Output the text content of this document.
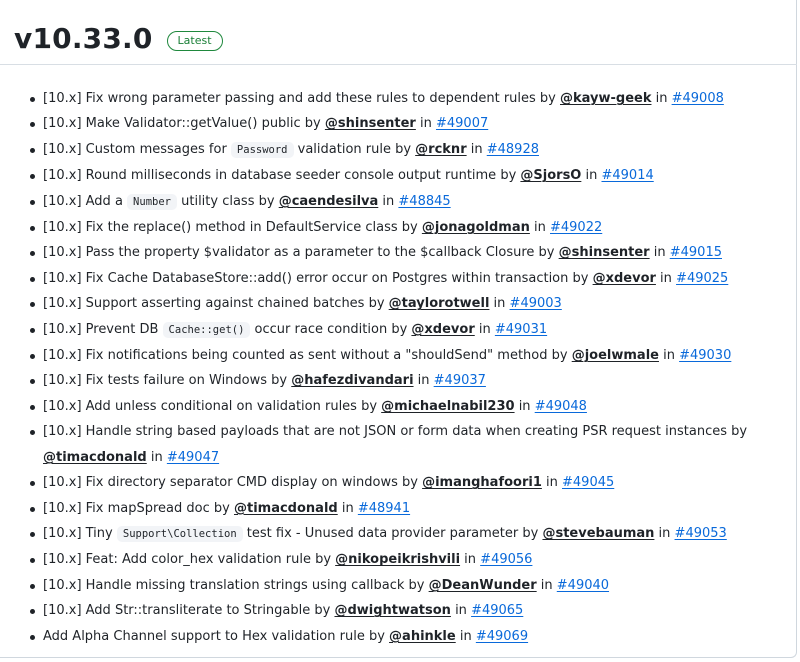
v10.33.0	Latest
[10.x] Fix wrong parameter passing and add these rules to dependent rules by @kayw-geek in #49008
[10.x] Make Validator::getValue() public by @shinsenter in #49007
[10.x] Custom messages for Password validation rule by @rcknr in #48928
[10.x] Round milliseconds in database seeder console output runtime by @SjorsO in #49014
[10.x] Add a Number utility class by @caendesilva in #48845
[10.x] Fix the replace() method in DefaultService class by @jonagoldman in #49022
[10.x] Pass the property $validator as a parameter to the $callback Closure by @shinsenter in #49015
[10.x] Fix Cache DatabaseStore::add() error occur on Postgres within transaction by @xdevor in #49025
[10.x] Support asserting against chained batches by @taylorotwell in #49003
[10.x] Prevent DB Cache::get() occur race condition by @xdevor in #49031
[10.x] Fix notifications being counted as sent without a "shouldSend" method by @joelwmale in #49030
[10.x] Fix tests failure on Windows by @hafezdivandari in #49037
[10.x] Add unless conditional on validation rules by @michaelnabil230 in #49048
[10.x] Handle string based payloads that are not JSON or form data when creating PSR request instances by @timacdonald in #49047
[10.x] Fix directory separator CMD display on windows by @imanghafoori1 in #49045
[10.x] Fix mapSpread doc by @timacdonald in #48941
[10.x] Tiny Support\Collection test fix - Unused data provider parameter by @stevebauman in #49053
[10.x] Feat: Add color_hex validation rule by @nikopeikrishvili in #49056
[10.x] Handle missing translation strings using callback by @DeanWunder in #49040
[10.x] Add Str::transliterate to Stringable by @dwightwatson in #49065
Add Alpha Channel support to Hex validation rule by @ahinkle in #49069
